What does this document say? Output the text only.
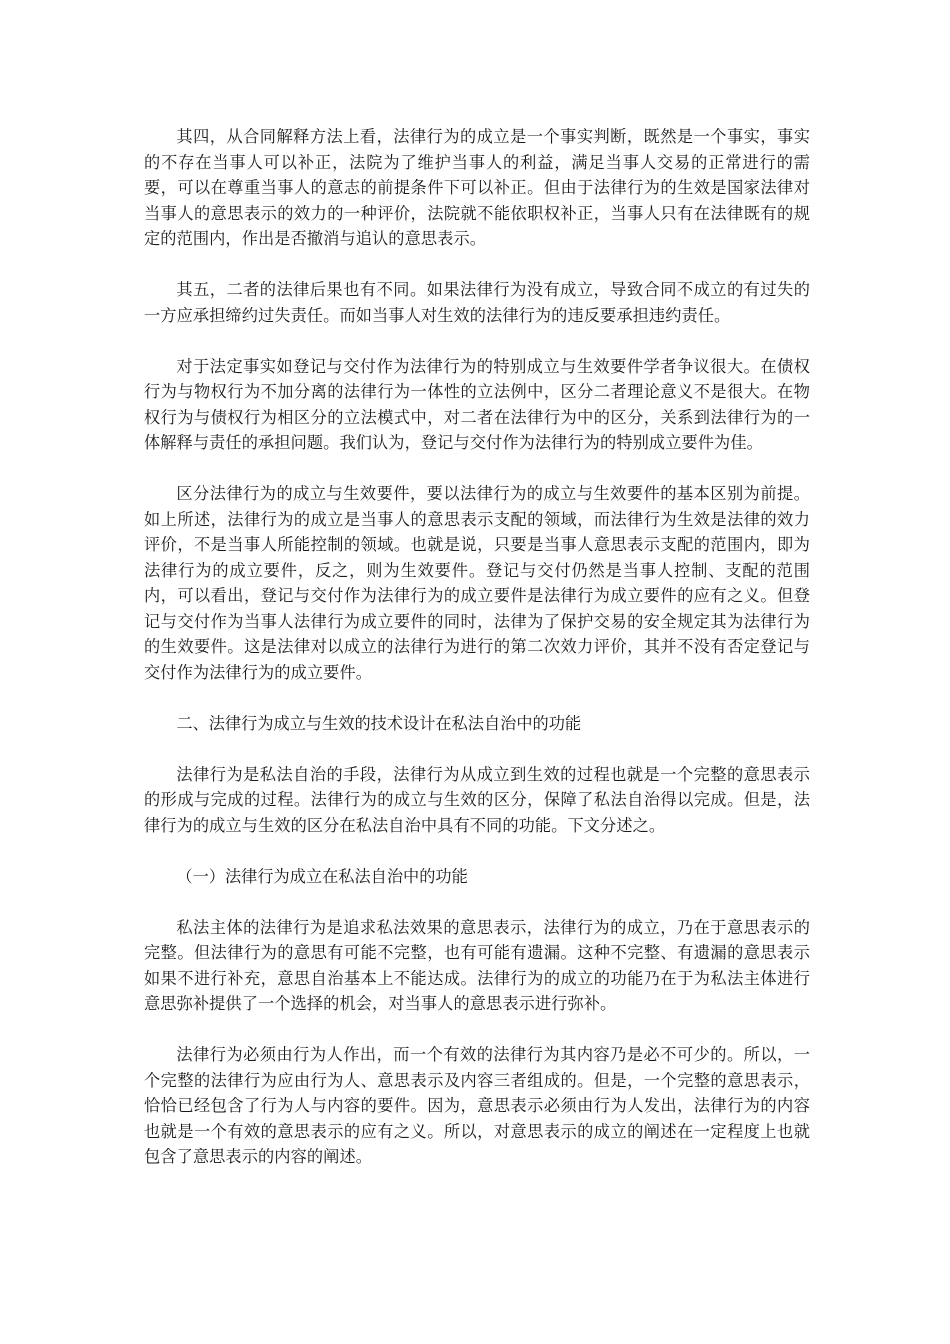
其四，从合同解释方法上看，法律行为的成立是一个事实判断，既然是一个事实，事实的不存在当事人可以补正，法院为了维护当事人的利益，满足当事人交易的正常进行的需要，可以在尊重当事人的意志的前提条件下可以补正。但由于法律行为的生效是国家法律对当事人的意思表示的效力的一种评价，法院就不能依职权补正，当事人只有在法律既有的规定的范围内，作出是否撤消与追认的意思表示。

其五，二者的法律后果也有不同。如果法律行为没有成立，导致合同不成立的有过失的一方应承担缔约过失责任。而如当事人对生效的法律行为的违反要承担违约责任。

对于法定事实如登记与交付作为法律行为的特别成立与生效要件学者争议很大。在债权行为与物权行为不加分离的法律行为一体性的立法例中，区分二者理论意义不是很大。在物权行为与债权行为相区分的立法模式中，对二者在法律行为中的区分，关系到法律行为的一体解释与责任的承担问题。我们认为，登记与交付作为法律行为的特别成立要件为佳。

区分法律行为的成立与生效要件，要以法律行为的成立与生效要件的基本区别为前提。如上所述，法律行为的成立是当事人的意思表示支配的领域，而法律行为生效是法律的效力评价，不是当事人所能控制的领域。也就是说，只要是当事人意思表示支配的范围内，即为法律行为的成立要件，反之，则为生效要件。登记与交付仍然是当事人控制、支配的范围内，可以看出，登记与交付作为法律行为的成立要件是法律行为成立要件的应有之义。但登记与交付作为当事人法律行为成立要件的同时，法律为了保护交易的安全规定其为法律行为的生效要件。这是法律对以成立的法律行为进行的第二次效力评价，其并不没有否定登记与交付作为法律行为的成立要件。

二、法律行为成立与生效的技术设计在私法自治中的功能

法律行为是私法自治的手段，法律行为从成立到生效的过程也就是一个完整的意思表示的形成与完成的过程。法律行为的成立与生效的区分，保障了私法自治得以完成。但是，法律行为的成立与生效的区分在私法自治中具有不同的功能。下文分述之。

（一）法律行为成立在私法自治中的功能

私法主体的法律行为是追求私法效果的意思表示，法律行为的成立，乃在于意思表示的完整。但法律行为的意思有可能不完整，也有可能有遗漏。这种不完整、有遗漏的意思表示如果不进行补充，意思自治基本上不能达成。法律行为的成立的功能乃在于为私法主体进行意思弥补提供了一个选择的机会，对当事人的意思表示进行弥补。

法律行为必须由行为人作出，而一个有效的法律行为其内容乃是必不可少的。所以，一个完整的法律行为应由行为人、意思表示及内容三者组成的。但是，一个完整的意思表示，恰恰已经包含了行为人与内容的要件。因为，意思表示必须由行为人发出，法律行为的内容也就是一个有效的意思表示的应有之义。所以，对意思表示的成立的阐述在一定程度上也就包含了意思表示的内容的阐述。
